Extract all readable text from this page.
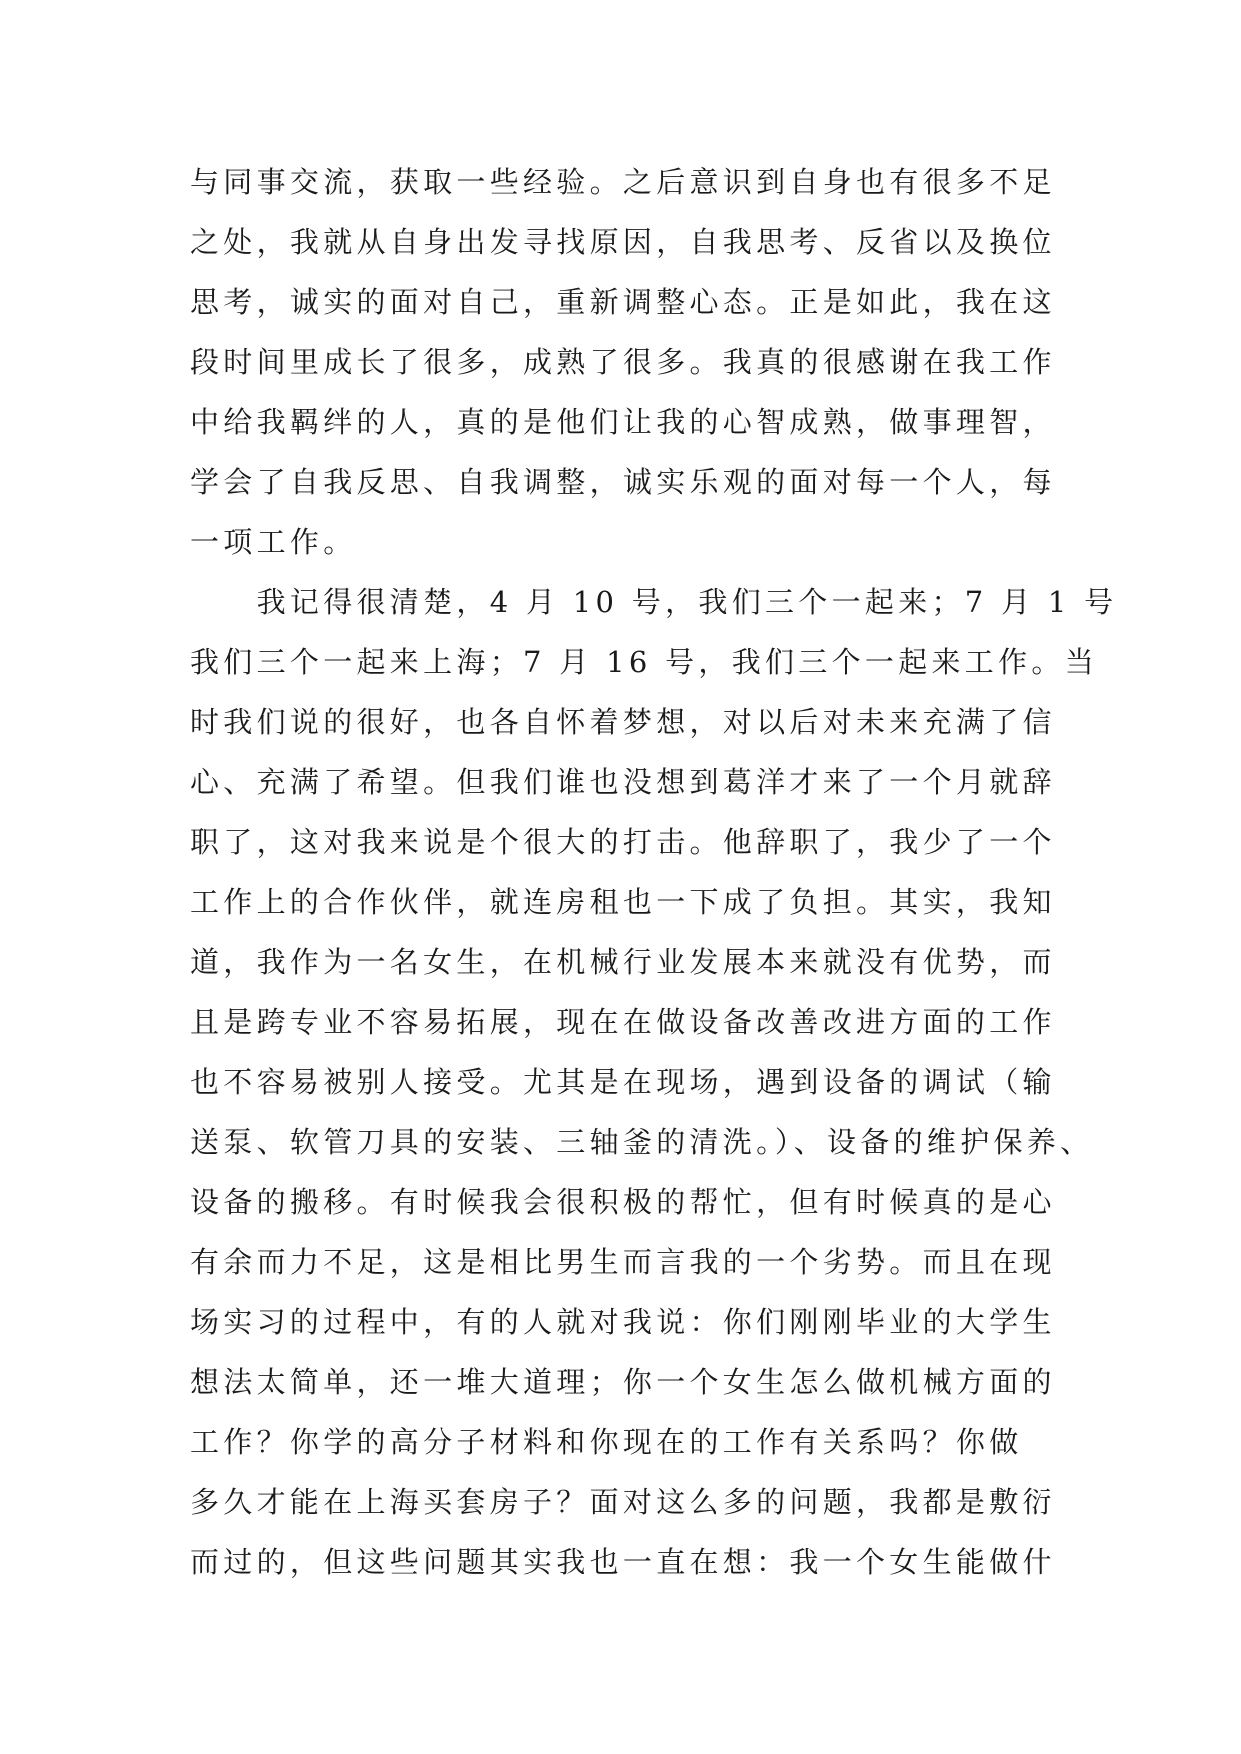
与同事交流，获取一些经验。之后意识到自身也有很多不足
之处，我就从自身出发寻找原因，自我思考、反省以及换位
思考，诚实的面对自己，重新调整心态。正是如此，我在这
段时间里成长了很多，成熟了很多。我真的很感谢在我工作
中给我羁绊的人，真的是他们让我的心智成熟，做事理智，
学会了自我反思、自我调整，诚实乐观的面对每一个人，每
一项工作。
　　我记得很清楚，4 月 10 号，我们三个一起来；7 月 1 号
我们三个一起来上海；7 月 16 号，我们三个一起来工作。当
时我们说的很好，也各自怀着梦想，对以后对未来充满了信
心、充满了希望。但我们谁也没想到葛洋才来了一个月就辞
职了，这对我来说是个很大的打击。他辞职了，我少了一个
工作上的合作伙伴，就连房租也一下成了负担。其实，我知
道，我作为一名女生，在机械行业发展本来就没有优势，而
且是跨专业不容易拓展，现在在做设备改善改进方面的工作
也不容易被别人接受。尤其是在现场，遇到设备的调试（输
送泵、软管刀具的安装、三轴釜的清洗。）、设备的维护保养、
设备的搬移。有时候我会很积极的帮忙，但有时候真的是心
有余而力不足，这是相比男生而言我的一个劣势。而且在现
场实习的过程中，有的人就对我说：你们刚刚毕业的大学生
想法太简单，还一堆大道理；你一个女生怎么做机械方面的
工作？你学的高分子材料和你现在的工作有关系吗？你做
多久才能在上海买套房子？面对这么多的问题，我都是敷衍
而过的，但这些问题其实我也一直在想：我一个女生能做什
